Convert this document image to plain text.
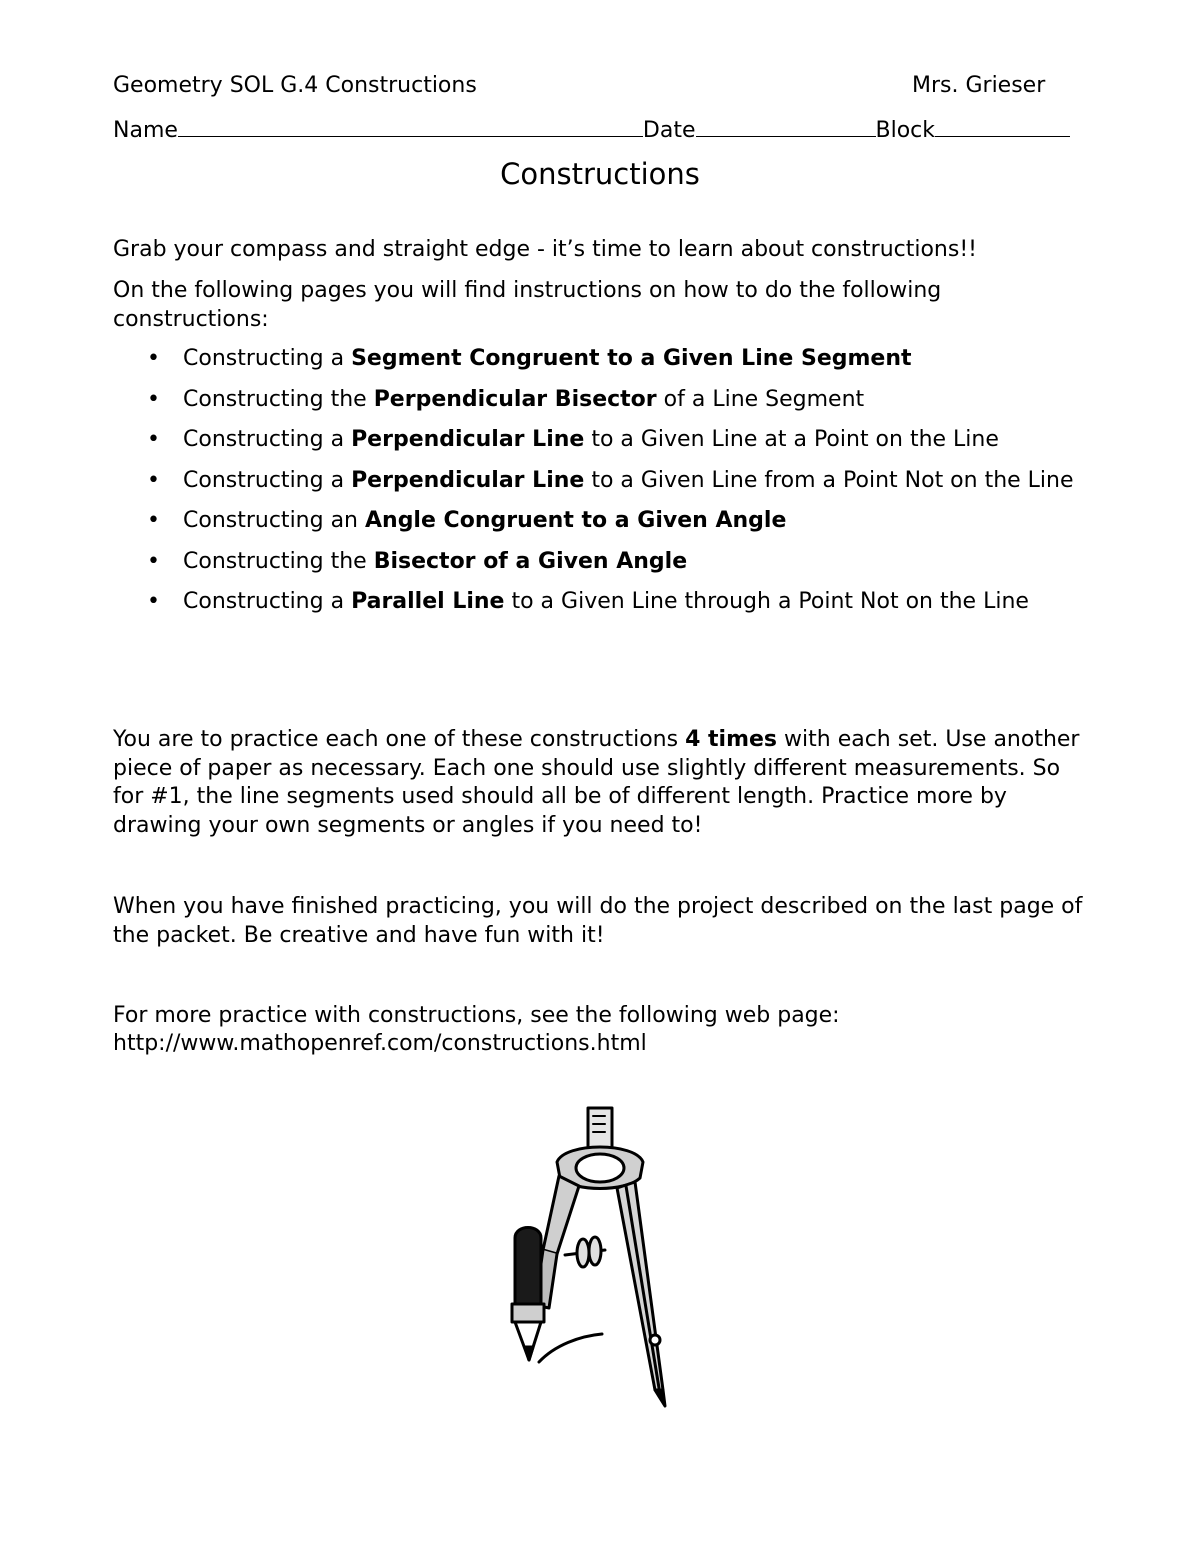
Geometry SOL G.4 Constructions	Mrs. Grieser
Name	Date	Block
Constructions
Grab your compass and straight edge - it’s time to learn about constructions!!
On the following pages you will find instructions on how to do the following constructions:
• Constructing a Segment Congruent to a Given Line Segment
• Constructing the Perpendicular Bisector of a Line Segment
• Constructing a Perpendicular Line to a Given Line at a Point on the Line
• Constructing a Perpendicular Line to a Given Line from a Point Not on the Line
• Constructing an Angle Congruent to a Given Angle
• Constructing the Bisector of a Given Angle
• Constructing a Parallel Line to a Given Line through a Point Not on the Line
You are to practice each one of these constructions 4 times with each set. Use another piece of paper as necessary. Each one should use slightly different measurements. So for #1, the line segments used should all be of different length. Practice more by drawing your own segments or angles if you need to!
When you have finished practicing, you will do the project described on the last page of the packet. Be creative and have fun with it!
For more practice with constructions, see the following web page:
http://www.mathopenref.com/constructions.html
